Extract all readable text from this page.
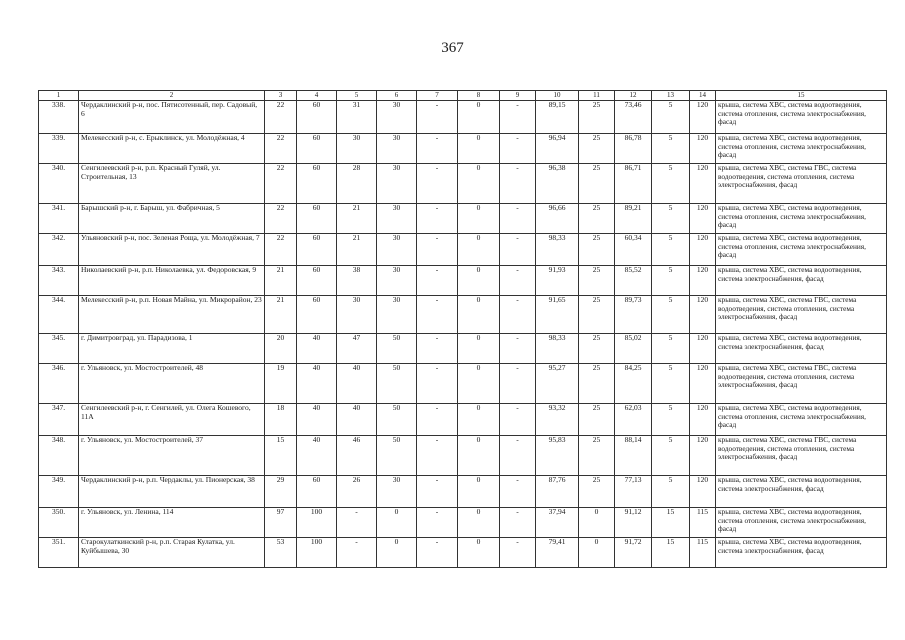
367
1	2	3	4	5	6	7	8	9	10	11	12	13	14	15
338.	Чердаклинский р-н, пос. Пятисотенный, пер. Садовый, 6	22	60	31	30	-	0	-	89,15	25	73,46	5	120	крыша, система ХВС, система водоотведения, система отопления, система электроснабжения, фасад
339.	Мелекесский р-н, с. Ерыклинск, ул. Молодёжная, 4	22	60	30	30	-	0	-	96,94	25	86,78	5	120	крыша, система ХВС, система водоотведения, система отопления, система электроснабжения, фасад
340.	Сенгилеевский р-н, р.п. Красный Гуляй, ул. Строительная, 13	22	60	28	30	-	0	-	96,38	25	86,71	5	120	крыша, система ХВС, система ГВС, система водоотведения, система отопления, система электроснабжения, фасад
341.	Барышский р-н, г. Барыш, ул. Фабричная, 5	22	60	21	30	-	0	-	96,66	25	89,21	5	120	крыша, система ХВС, система водоотведения, система отопления, система электроснабжения, фасад
342.	Ульяновский р-н, пос. Зеленая Роща, ул. Молодёжная, 7	22	60	21	30	-	0	-	98,33	25	60,34	5	120	крыша, система ХВС, система водоотведения, система отопления, система электроснабжения, фасад
343.	Николаевский р-н, р.п. Николаевка, ул. Федоровская, 9	21	60	38	30	-	0	-	91,93	25	85,52	5	120	крыша, система ХВС, система водоотведения, система электроснабжения, фасад
344.	Мелекесский р-н, р.п. Новая Майна, ул. Микрорайон, 23	21	60	30	30	-	0	-	91,65	25	89,73	5	120	крыша, система ХВС, система ГВС, система водоотведения, система отопления, система электроснабжения, фасад
345.	г. Димитровград, ул. Парадизова, 1	20	40	47	50	-	0	-	98,33	25	85,02	5	120	крыша, система ХВС, система водоотведения, система электроснабжения, фасад
346.	г. Ульяновск, ул. Мостостроителей, 48	19	40	40	50	-	0	-	95,27	25	84,25	5	120	крыша, система ХВС, система ГВС, система водоотведения, система отопления, система электроснабжения, фасад
347.	Сенгилеевский р-н, г. Сенгилей, ул. Олега Кошевого, 11А	18	40	40	50	-	0	-	93,32	25	62,03	5	120	крыша, система ХВС, система водоотведения, система отопления, система электроснабжения, фасад
348.	г. Ульяновск, ул. Мостостроителей, 37	15	40	46	50	-	0	-	95,83	25	88,14	5	120	крыша, система ХВС, система ГВС, система водоотведения, система отопления, система электроснабжения, фасад
349.	Чердаклинский р-н, р.п. Чердаклы, ул. Пионерская, 38	29	60	26	30	-	0	-	87,76	25	77,13	5	120	крыша, система ХВС, система водоотведения, система электроснабжения, фасад
350.	г. Ульяновск, ул. Ленина, 114	97	100	-	0	-	0	-	37,94	0	91,12	15	115	крыша, система ХВС, система водоотведения, система отопления, система электроснабжения, фасад
351.	Старокулаткинский р-н, р.п. Старая Кулатка, ул. Куйбышева, 30	53	100	-	0	-	0	-	79,41	0	91,72	15	115	крыша, система ХВС, система водоотведения, система электроснабжения, фасад
